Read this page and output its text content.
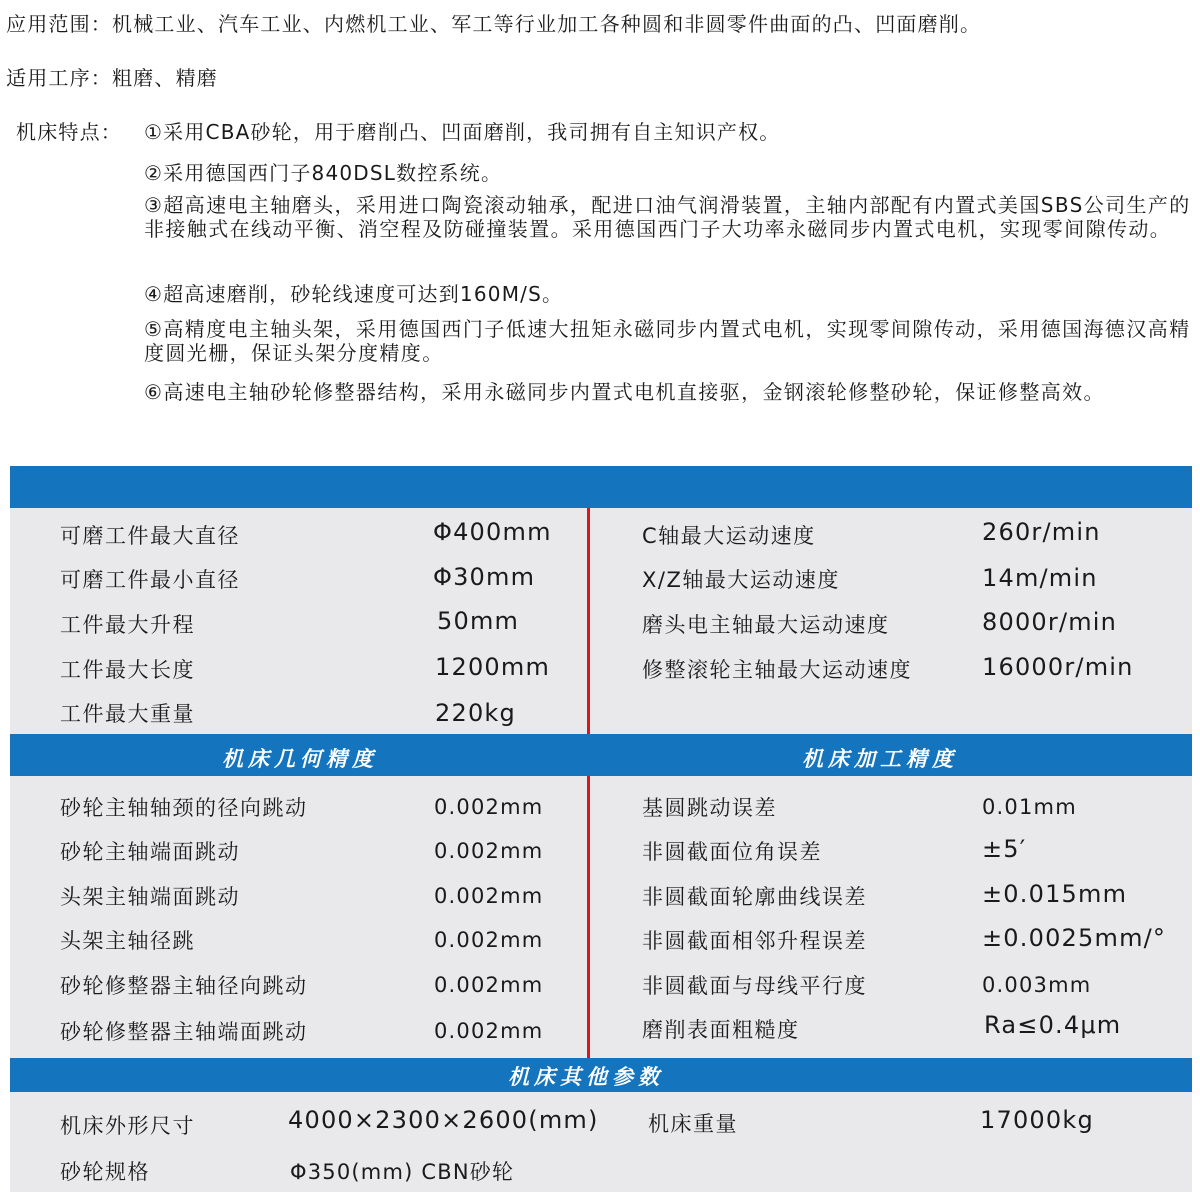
应用范围：机械工业、汽车工业、内燃机工业、军工等行业加工各种圆和非圆零件曲面的凸、凹面磨削。
适用工序：粗磨、精磨
机床特点： ①采用CBA砂轮，用于磨削凸、凹面磨削，我司拥有自主知识产权。
②采用德国西门子840DSL数控系统。
③超高速电主轴磨头，采用进口陶瓷滚动轴承，配进口油气润滑装置，主轴内部配有内置式美国SBS公司生产的非接触式在线动平衡、消空程及防碰撞装置。采用德国西门子大功率永磁同步内置式电机，实现零间隙传动。
④超高速磨削，砂轮线速度可达到160M/S。
⑤高精度电主轴头架，采用德国西门子低速大扭矩永磁同步内置式电机，实现零间隙传动，采用德国海德汉高精度圆光栅，保证头架分度精度。
⑥高速电主轴砂轮修整器结构，采用永磁同步内置式电机直接驱，金钢滚轮修整砂轮，保证修整高效。
可磨工件最大直径	Φ400mm
可磨工件最小直径	Φ30mm
工件最大升程	50mm
工件最大长度	1200mm
工件最大重量	220kg
C轴最大运动速度	260r/min
X/Z轴最大运动速度	14m/min
磨头电主轴最大运动速度	8000r/min
修整滚轮主轴最大运动速度	16000r/min
机床几何精度	机床加工精度
砂轮主轴轴颈的径向跳动	0.002mm
砂轮主轴端面跳动	0.002mm
头架主轴端面跳动	0.002mm
头架主轴径跳	0.002mm
砂轮修整器主轴径向跳动	0.002mm
砂轮修整器主轴端面跳动	0.002mm
基圆跳动误差	0.01mm
非圆截面位角误差	±5′
非圆截面轮廓曲线误差	±0.015mm
非圆截面相邻升程误差	±0.0025mm/°
非圆截面与母线平行度	0.003mm
磨削表面粗糙度	Ra≤0.4μm
机床其他参数
机床外形尺寸	4000×2300×2600(mm) 机床重量	17000kg
砂轮规格	Φ350(mm) CBN砂轮
